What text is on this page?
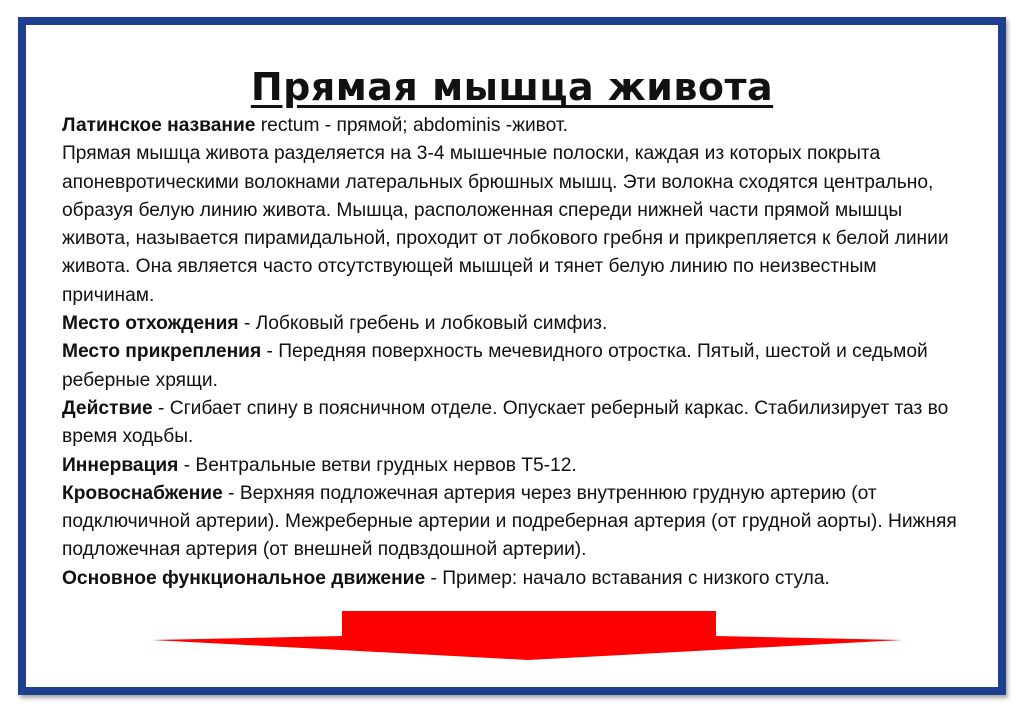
Прямая мышца живота

Латинское название rectum - прямой; abdominis -живот.

Прямая мышца живота разделяется на 3-4 мышечные полоски, каждая из которых покрыта апоневротическими волокнами латеральных брюшных мышц. Эти волокна сходятся центрально, образуя белую линию живота. Мышца, расположенная спереди нижней части прямой мышцы живота, называется пирамидальной, проходит от лобкового гребня и прикрепляется к белой линии живота. Она является часто отсутствующей мышцей и тянет белую линию по неизвестным причинам.

Место отхождения - Лобковый гребень и лобковый симфиз.

Место прикрепления - Передняя поверхность мечевидного отростка. Пятый, шестой и седьмой реберные хрящи.

Действие - Сгибает спину в поясничном отделе. Опускает реберный каркас. Стабилизирует таз во время ходьбы.

Иннервация - Вентральные ветви грудных нервов Т5-12.

Кровоснабжение - Верхняя подложечная артерия через внутреннюю грудную артерию (от подключичной артерии). Межреберные артерии и подреберная артерия (от грудной аорты). Нижняя подложечная артерия (от внешней подвздошной артерии).

Основное функциональное движение - Пример: начало вставания с низкого стула.
